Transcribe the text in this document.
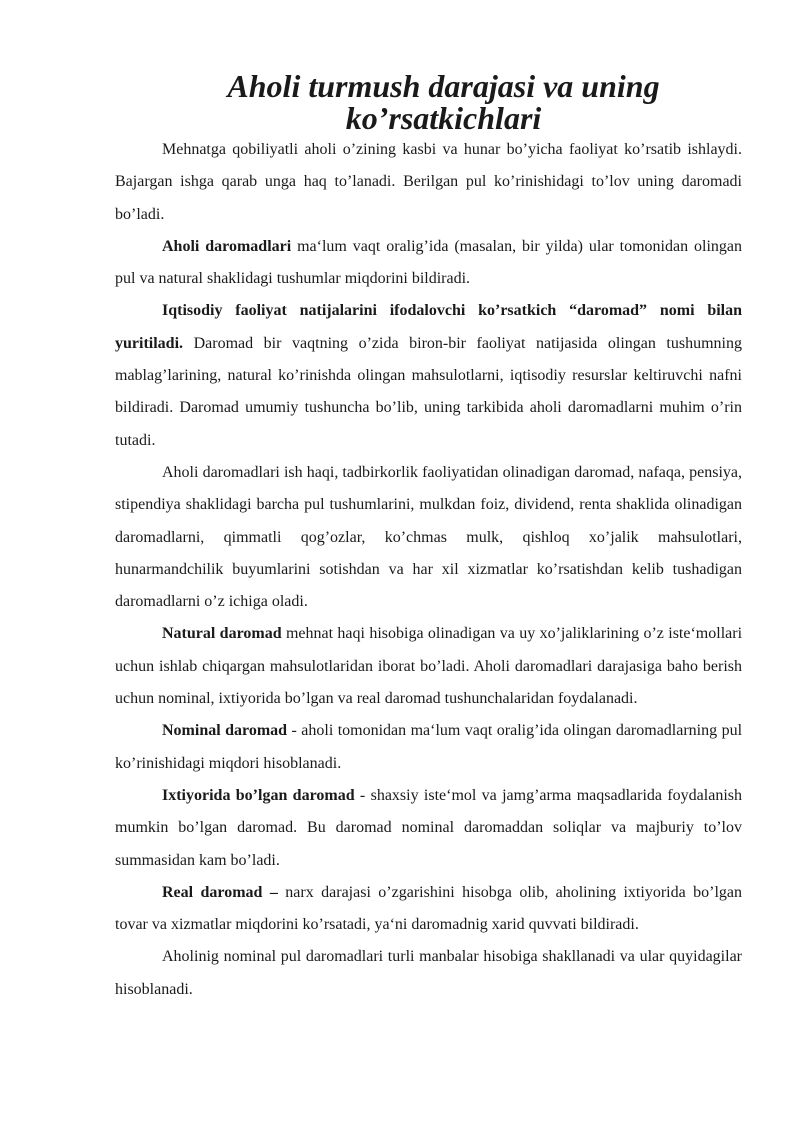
Aholi turmush darajasi va uning ko’rsatkichlari

Mehnatga qobiliyatli aholi o’zining kasbi va hunar bo’yicha faoliyat ko’rsatib ishlaydi. Bajargan ishga qarab unga haq to’lanadi. Berilgan pul ko’rinishidagi to’lov uning daromadi bo’ladi.

Aholi daromadlari ma‘lum vaqt oralig’ida (masalan, bir yilda) ular tomonidan olingan pul va natural shaklidagi tushumlar miqdorini bildiradi.

Iqtisodiy faoliyat natijalarini ifodalovchi ko’rsatkich “daromad” nomi bilan yuritiladi. Daromad bir vaqtning o’zida biron-bir faoliyat natijasida olingan tushumning mablag’larining, natural ko’rinishda olingan mahsulotlarni, iqtisodiy resurslar keltiruvchi nafni bildiradi. Daromad umumiy tushuncha bo’lib, uning tarkibida aholi daromadlarni muhim o’rin tutadi.

Aholi daromadlari ish haqi, tadbirkorlik faoliyatidan olinadigan daromad, nafaqa, pensiya, stipendiya shaklidagi barcha pul tushumlarini, mulkdan foiz, dividend, renta shaklida olinadigan daromadlarni, qimmatli qog’ozlar, ko’chmas mulk, qishloq xo’jalik mahsulotlari, hunarmandchilik buyumlarini sotishdan va har xil xizmatlar ko’rsatishdan kelib tushadigan daromadlarni o’z ichiga oladi.

Natural daromad mehnat haqi hisobiga olinadigan va uy xo’jaliklarining o’z iste‘mollari uchun ishlab chiqargan mahsulotlaridan iborat bo’ladi. Aholi daromadlari darajasiga baho berish uchun nominal, ixtiyorida bo’lgan va real daromad tushunchalaridan foydalanadi.

Nominal daromad - aholi tomonidan ma‘lum vaqt oralig’ida olingan daromadlarning pul ko’rinishidagi miqdori hisoblanadi.

Ixtiyorida bo’lgan daromad - shaxsiy iste‘mol va jamg’arma maqsadlarida foydalanish mumkin bo’lgan daromad. Bu daromad nominal daromaddan soliqlar va majburiy to’lov summasidan kam bo’ladi.

Real daromad – narx darajasi o’zgarishini hisobga olib, aholining ixtiyorida bo’lgan tovar va xizmatlar miqdorini ko’rsatadi, ya‘ni daromadnig xarid quvvati bildiradi.

Aholinig nominal pul daromadlari turli manbalar hisobiga shakllanadi va ular quyidagilar hisoblanadi.
